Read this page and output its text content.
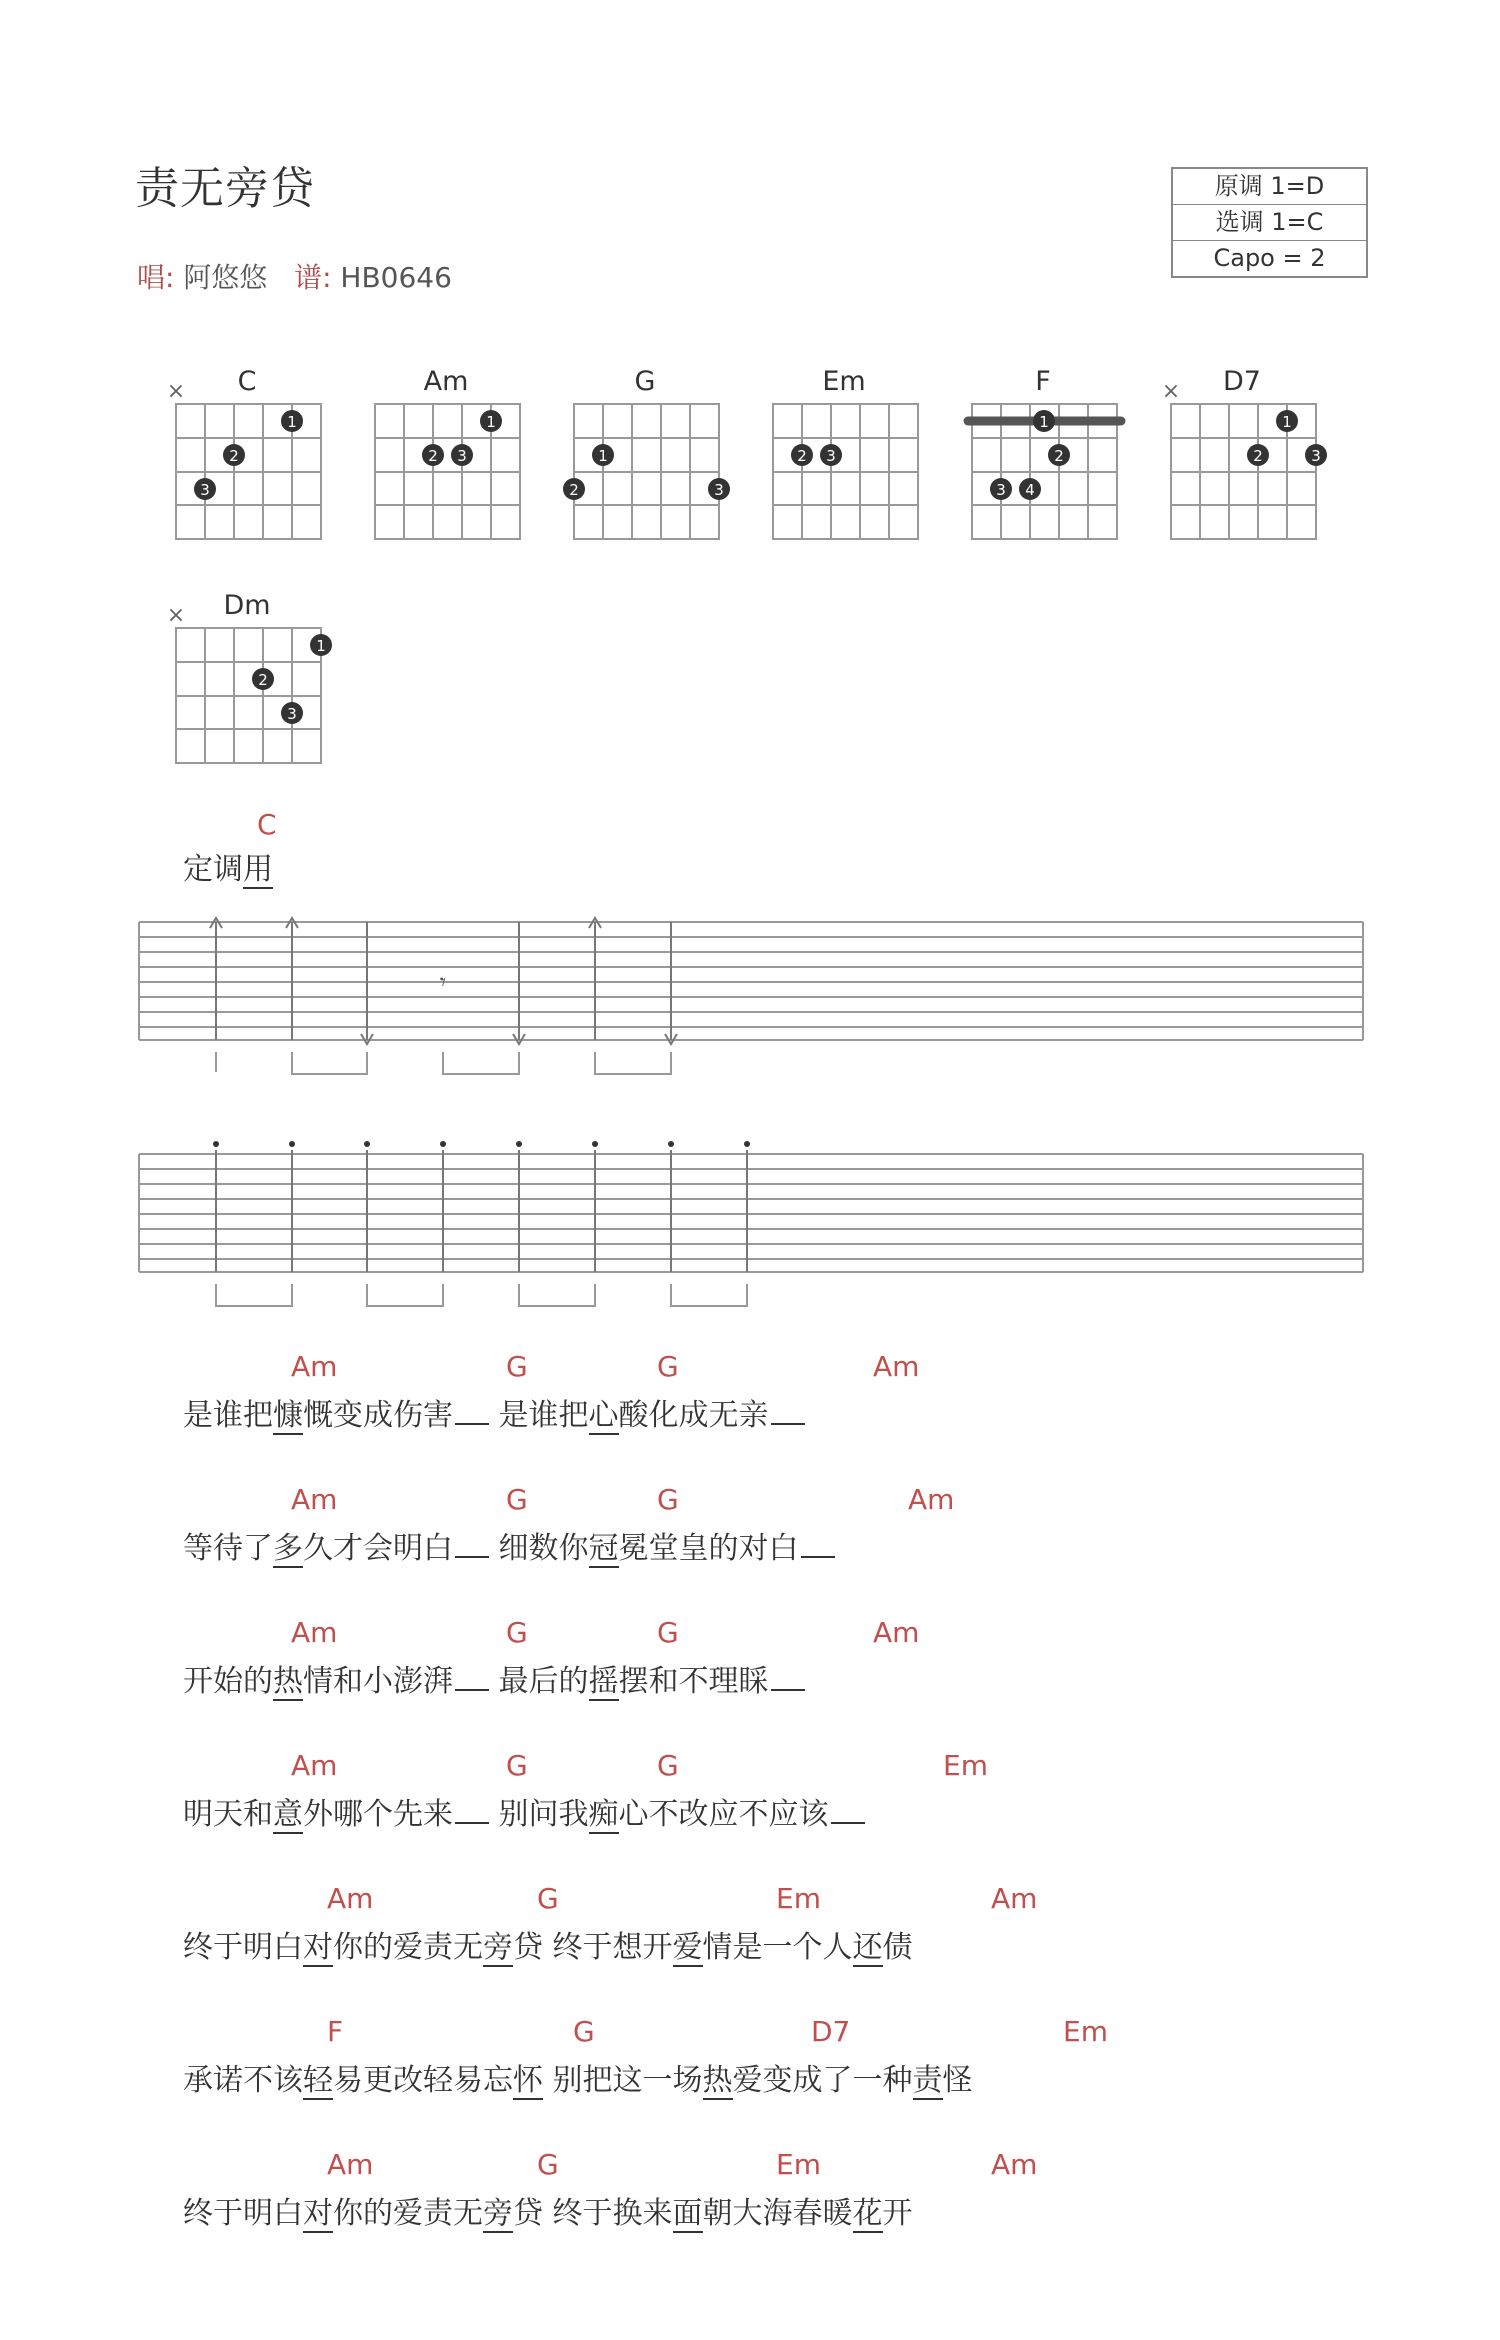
责无旁贷
唱: 阿悠悠 谱: HB0646
原调 1=D
选调 1=C
Capo = 2
C	Am	G	Em	F	D7
Dm
×
1
2
3
1
2 3	1
2	3
2 3
1
2
3 4
×
1
2	3
×
1
2
3
C
定调用
𝄾
Am	G	G	Am
是谁把慷慨变成伤害 是谁把心酸化成无亲
Am	G	G	Am
等待了多久才会明白 细数你冠冕堂皇的对白
Am	G	G	Am
开始的热情和小澎湃 最后的摇摆和不理睬
Am	G	G	Em
明天和意外哪个先来 别问我痴心不改应不应该
Am	G	Em	Am
终于明白对你的爱责无旁贷 终于想开爱情是一个人还债
F	G	D7	Em
承诺不该轻易更改轻易忘怀 别把这一场热爱变成了一种责怪
Am	G	Em	Am
终于明白对你的爱责无旁贷 终于换来面朝大海春暖花开
